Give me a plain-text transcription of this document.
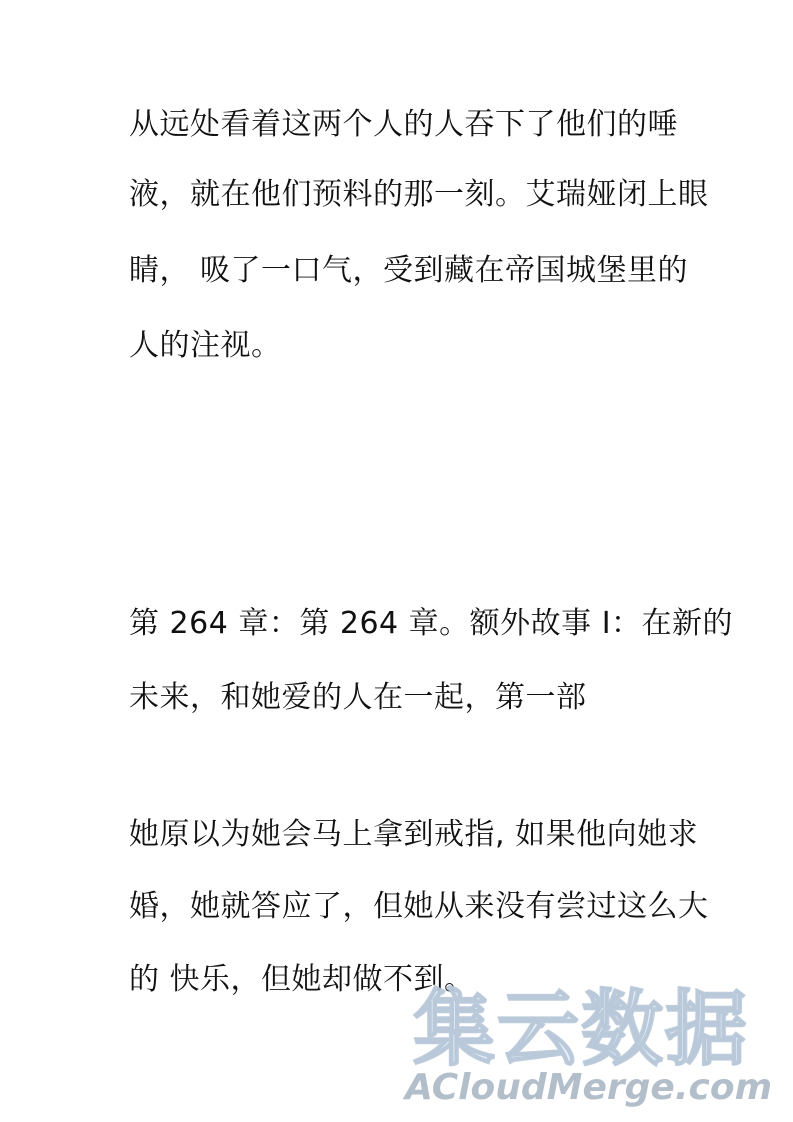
从远处看着这两个人的人吞下了他们的唾
液，就在他们预料的那一刻。艾瑞娅闭上眼
睛， 吸了一口气，受到藏在帝国城堡里的
人的注视。
第 264 章：第 264 章。额外故事 I：在新的
未来，和她爱的人在一起，第一部
她原以为她会马上拿到戒指, 如果他向她求
婚，她就答应了，但她从来没有尝过这么大
的 快乐，但她却做不到。
集云数据
ACloudMerge.com
